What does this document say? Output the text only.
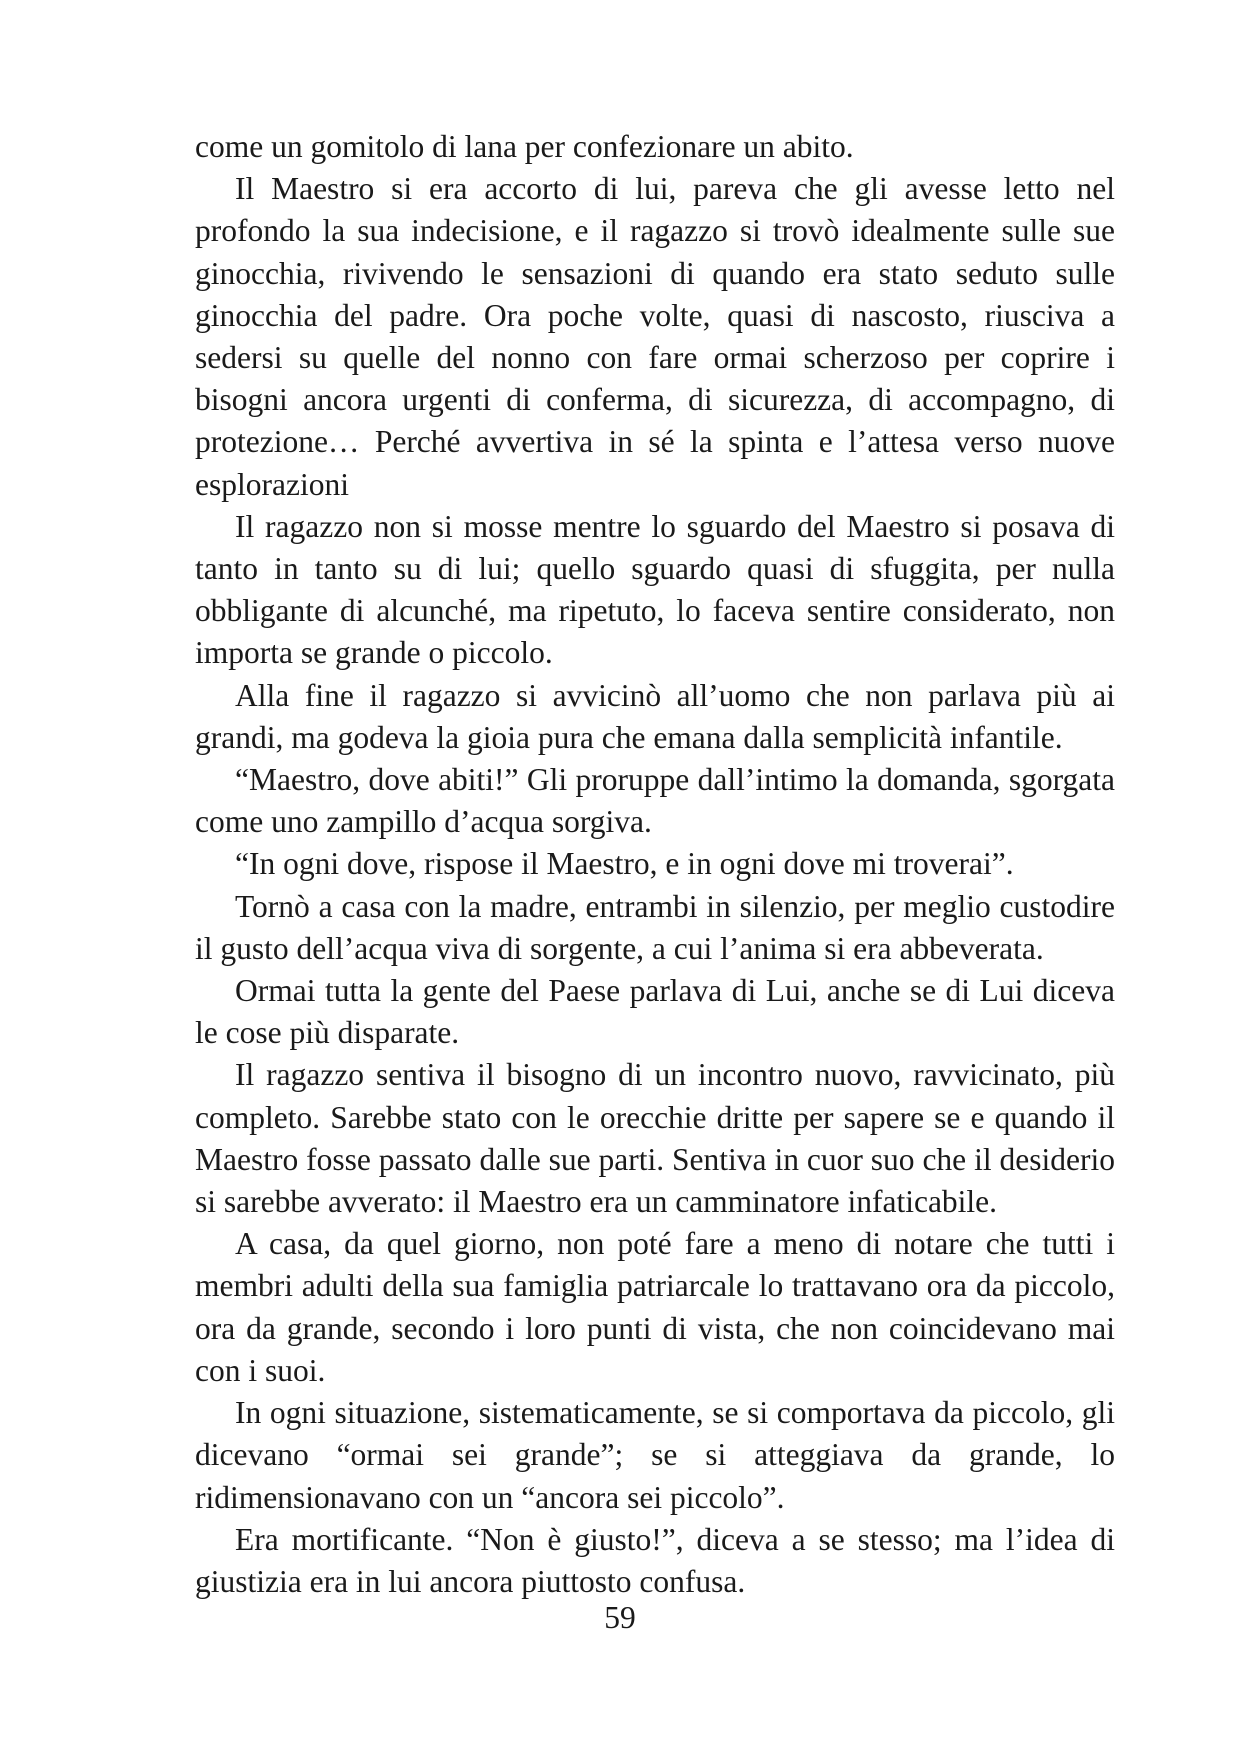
come un gomitolo di lana per confezionare un abito.

Il Maestro si era accorto di lui, pareva che gli avesse letto nel profondo la sua indecisione, e il ragazzo si trovò idealmente sulle sue ginocchia, rivivendo le sensazioni di quando era stato seduto sulle ginocchia del padre. Ora poche volte, quasi di nascosto, riusciva a sedersi su quelle del nonno con fare ormai scherzoso per coprire i bisogni ancora urgenti di conferma, di sicurezza, di accompagno, di protezione… Perché avvertiva in sé la spinta e l’attesa verso nuove esplorazioni

Il ragazzo non si mosse mentre lo sguardo del Maestro si posava di tanto in tanto su di lui; quello sguardo quasi di sfuggita, per nulla obbligante di alcunché, ma ripetuto, lo faceva sentire considerato, non importa se grande o piccolo.

Alla fine il ragazzo si avvicinò all’uomo che non parlava più ai grandi, ma godeva la gioia pura che emana dalla semplicità infantile.

“Maestro, dove abiti!” Gli proruppe dall’intimo la domanda, sgorgata come uno zampillo d’acqua sorgiva.

“In ogni dove, rispose il Maestro, e in ogni dove mi troverai”.

Tornò a casa con la madre, entrambi in silenzio, per meglio custodire il gusto dell’acqua viva di sorgente, a cui l’anima si era abbeverata.

Ormai tutta la gente del Paese parlava di Lui, anche se di Lui diceva le cose più disparate.

Il ragazzo sentiva il bisogno di un incontro nuovo, ravvicinato, più completo. Sarebbe stato con le orecchie dritte per sapere se e quando il Maestro fosse passato dalle sue parti. Sentiva in cuor suo che il desiderio si sarebbe avverato: il Maestro era un camminatore infaticabile.

A casa, da quel giorno, non poté fare a meno di notare che tutti i membri adulti della sua famiglia patriarcale lo trattavano ora da piccolo, ora da grande, secondo i loro punti di vista, che non coincidevano mai con i suoi.

In ogni situazione, sistematicamente, se si comportava da piccolo, gli dicevano “ormai sei grande”; se si atteggiava da grande, lo ridimensionavano con un “ancora sei piccolo”.

Era mortificante. “Non è giusto!”, diceva a se stesso; ma l’idea di giustizia era in lui ancora piuttosto confusa.

59
